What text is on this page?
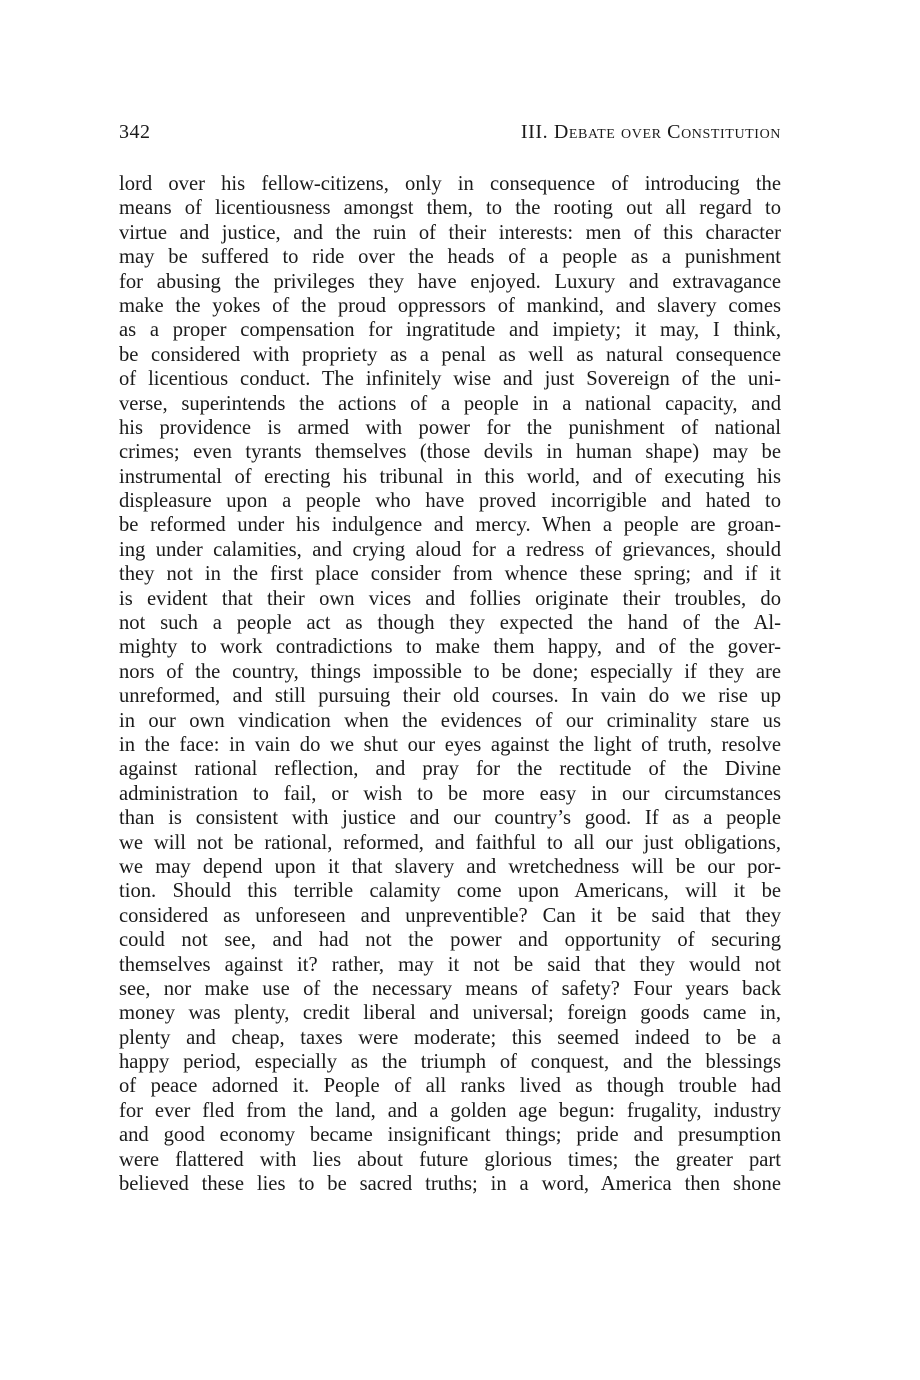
342	III. Debate over Constitution
lord over his fellow-citizens, only in consequence of introducing the
means of licentiousness amongst them, to the rooting out all regard to
virtue and justice, and the ruin of their interests: men of this character
may be suffered to ride over the heads of a people as a punishment
for abusing the privileges they have enjoyed. Luxury and extravagance
make the yokes of the proud oppressors of mankind, and slavery comes
as a proper compensation for ingratitude and impiety; it may, I think,
be considered with propriety as a penal as well as natural consequence
of licentious conduct. The infinitely wise and just Sovereign of the uni-
verse, superintends the actions of a people in a national capacity, and
his providence is armed with power for the punishment of national
crimes; even tyrants themselves (those devils in human shape) may be
instrumental of erecting his tribunal in this world, and of executing his
displeasure upon a people who have proved incorrigible and hated to
be reformed under his indulgence and mercy. When a people are groan-
ing under calamities, and crying aloud for a redress of grievances, should
they not in the first place consider from whence these spring; and if it
is evident that their own vices and follies originate their troubles, do
not such a people act as though they expected the hand of the Al-
mighty to work contradictions to make them happy, and of the gover-
nors of the country, things impossible to be done; especially if they are
unreformed, and still pursuing their old courses. In vain do we rise up
in our own vindication when the evidences of our criminality stare us
in the face: in vain do we shut our eyes against the light of truth, resolve
against rational reflection, and pray for the rectitude of the Divine
administration to fail, or wish to be more easy in our circumstances
than is consistent with justice and our country’s good. If as a people
we will not be rational, reformed, and faithful to all our just obligations,
we may depend upon it that slavery and wretchedness will be our por-
tion. Should this terrible calamity come upon Americans, will it be
considered as unforeseen and unpreventible? Can it be said that they
could not see, and had not the power and opportunity of securing
themselves against it? rather, may it not be said that they would not
see, nor make use of the necessary means of safety? Four years back
money was plenty, credit liberal and universal; foreign goods came in,
plenty and cheap, taxes were moderate; this seemed indeed to be a
happy period, especially as the triumph of conquest, and the blessings
of peace adorned it. People of all ranks lived as though trouble had
for ever fled from the land, and a golden age begun: frugality, industry
and good economy became insignificant things; pride and presumption
were flattered with lies about future glorious times; the greater part
believed these lies to be sacred truths; in a word, America then shone
